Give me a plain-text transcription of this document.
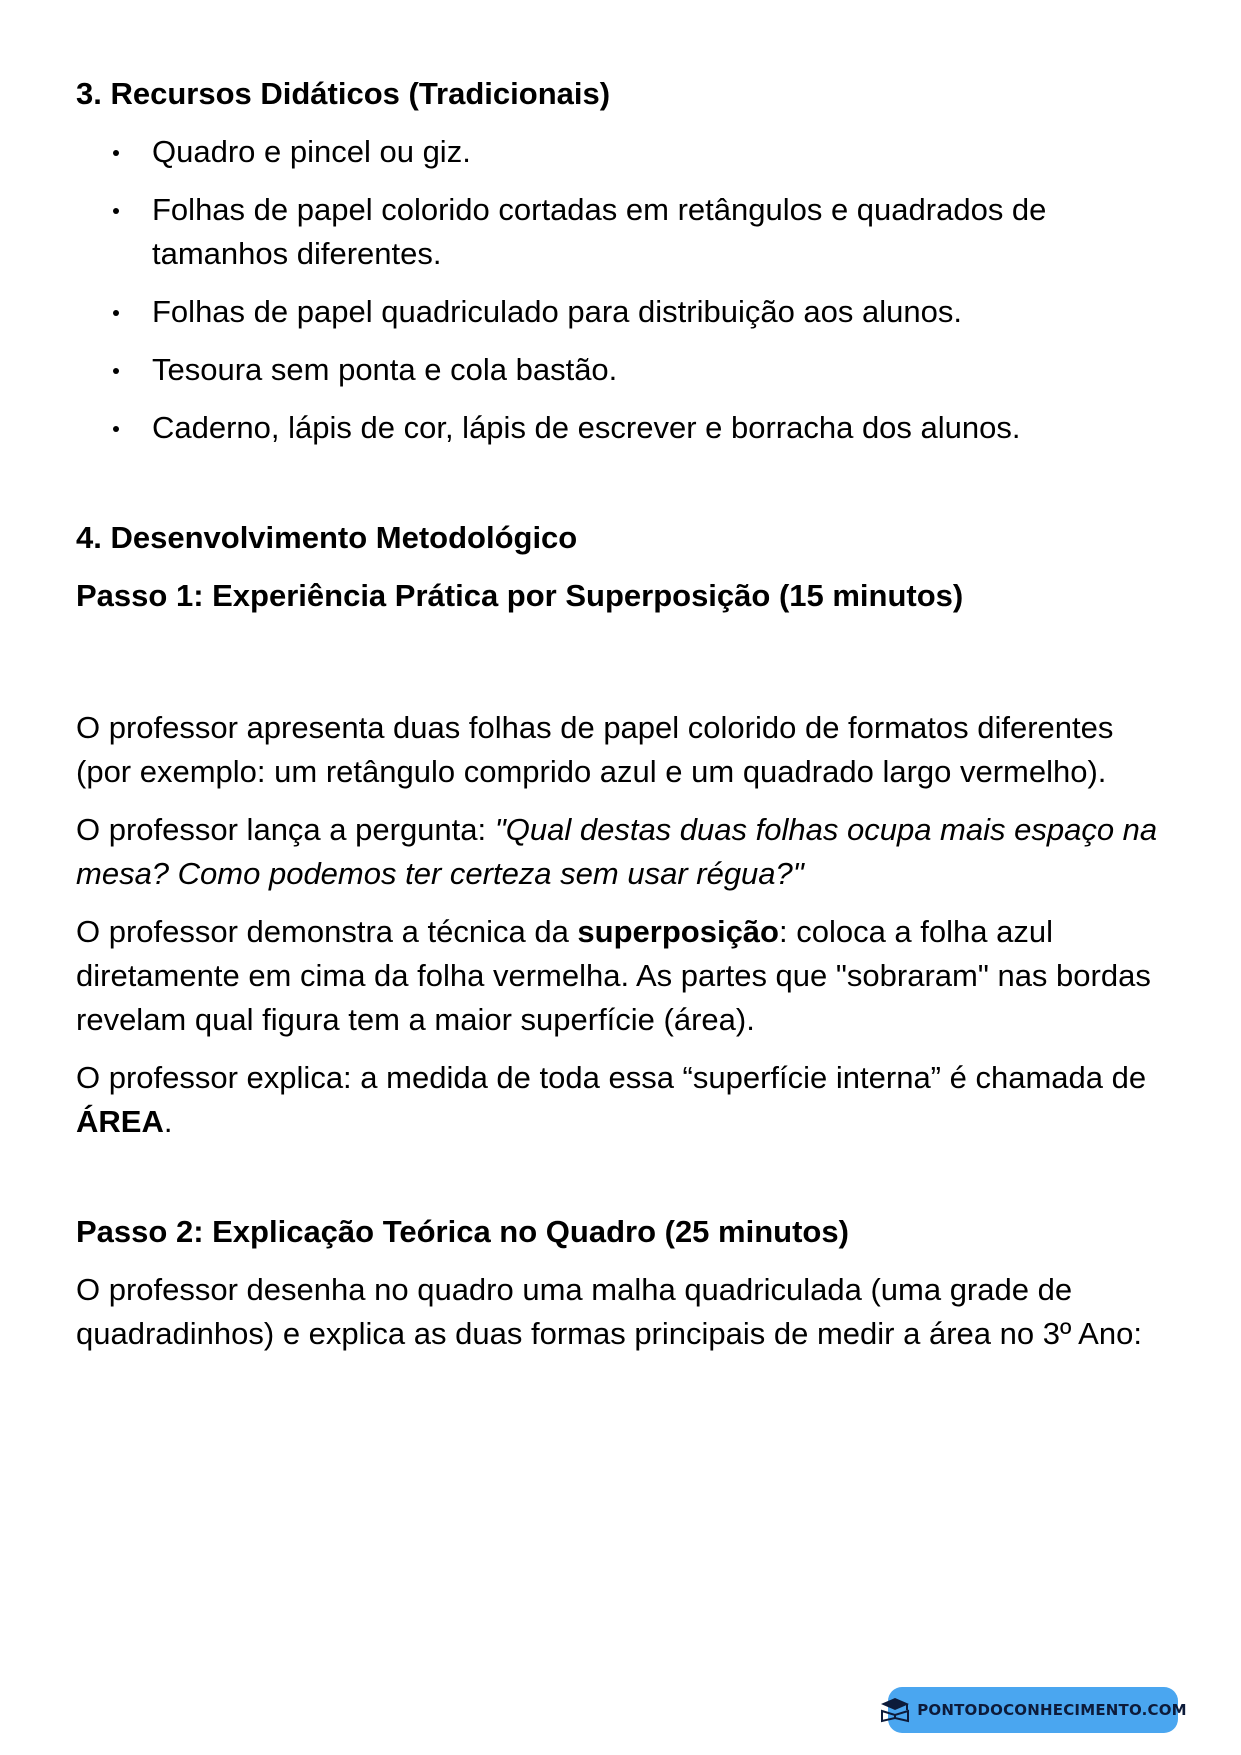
3. Recursos Didáticos (Tradicionais)
Quadro e pincel ou giz.
Folhas de papel colorido cortadas em retângulos e quadrados de tamanhos diferentes.
Folhas de papel quadriculado para distribuição aos alunos.
Tesoura sem ponta e cola bastão.
Caderno, lápis de cor, lápis de escrever e borracha dos alunos.
4. Desenvolvimento Metodológico
Passo 1: Experiência Prática por Superposição (15 minutos)

O professor apresenta duas folhas de papel colorido de formatos diferentes (por exemplo: um retângulo comprido azul e um quadrado largo vermelho).

O professor lança a pergunta: "Qual destas duas folhas ocupa mais espaço na mesa? Como podemos ter certeza sem usar régua?"

O professor demonstra a técnica da superposição: coloca a folha azul diretamente em cima da folha vermelha. As partes que "sobraram" nas bordas revelam qual figura tem a maior superfície (área).

O professor explica: a medida de toda essa “superfície interna” é chamada de ÁREA.

Passo 2: Explicação Teórica no Quadro (25 minutos)

O professor desenha no quadro uma malha quadriculada (uma grade de quadradinhos) e explica as duas formas principais de medir a área no 3º Ano:

PONTODOCONHECIMENTO.COM
